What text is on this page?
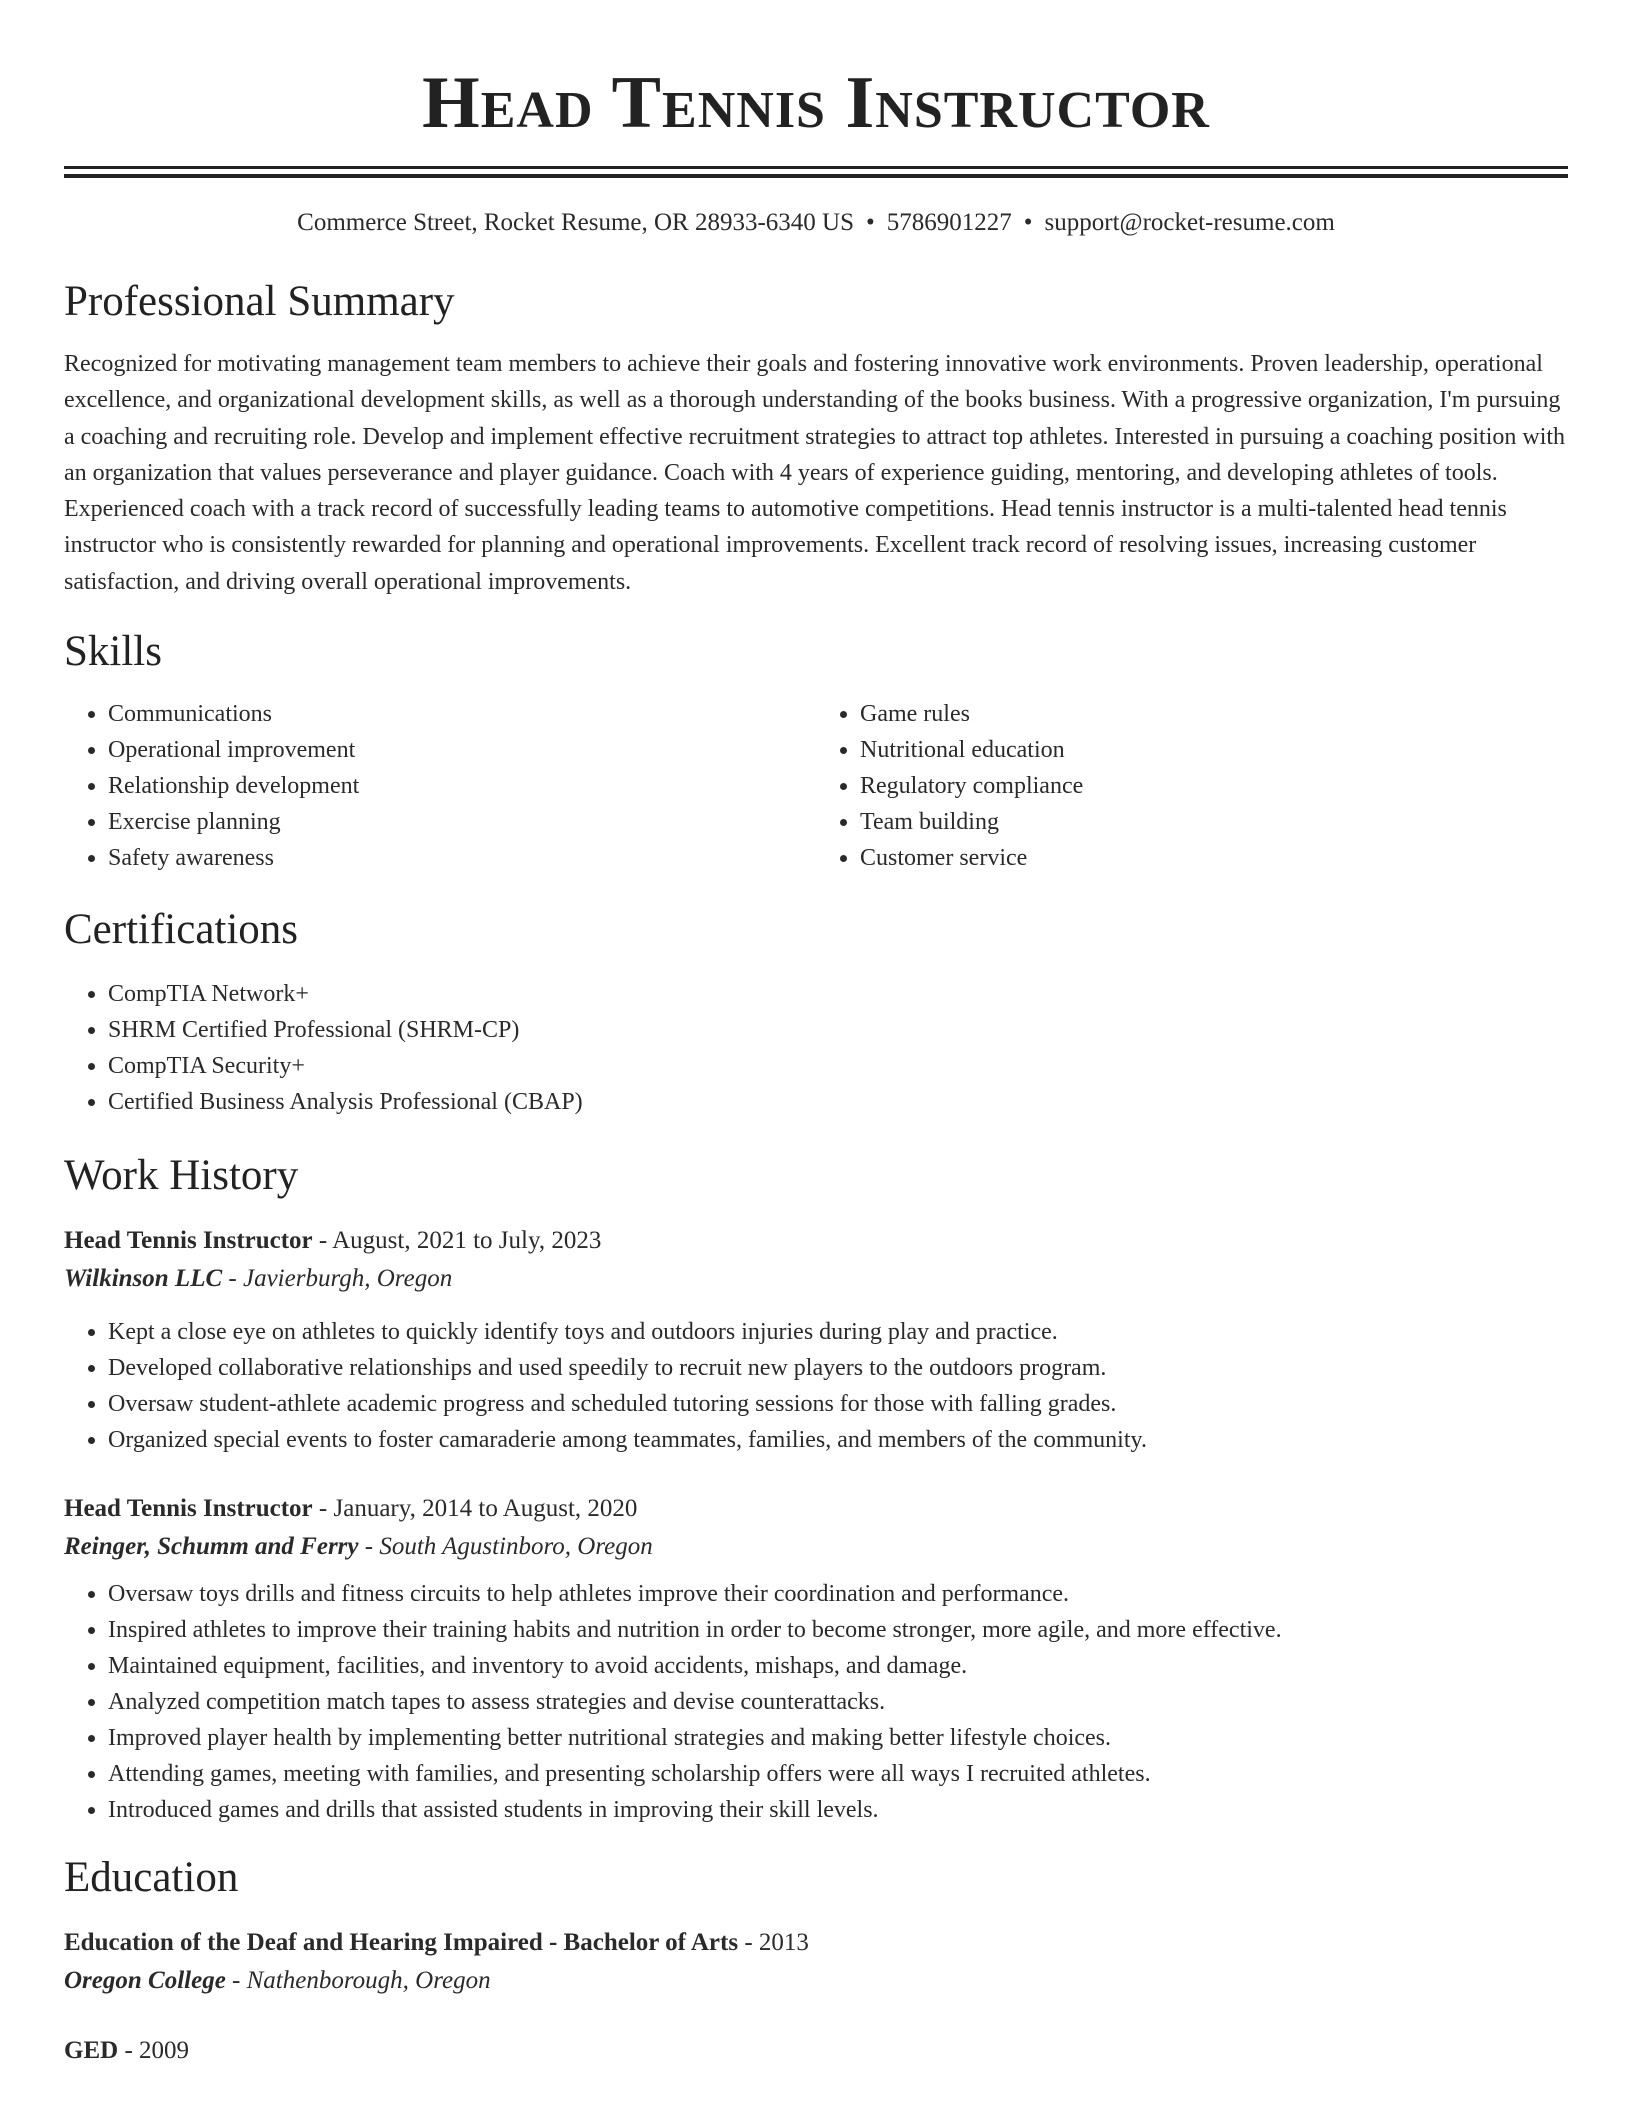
Head Tennis Instructor
Commerce Street, Rocket Resume, OR 28933-6340 US • 5786901227 • support@rocket-resume.com
Professional Summary
Recognized for motivating management team members to achieve their goals and fostering innovative work environments. Proven leadership, operational excellence, and organizational development skills, as well as a thorough understanding of the books business. With a progressive organization, I'm pursuing a coaching and recruiting role. Develop and implement effective recruitment strategies to attract top athletes. Interested in pursuing a coaching position with an organization that values perseverance and player guidance. Coach with 4 years of experience guiding, mentoring, and developing athletes of tools. Experienced coach with a track record of successfully leading teams to automotive competitions. Head tennis instructor is a multi-talented head tennis instructor who is consistently rewarded for planning and operational improvements. Excellent track record of resolving issues, increasing customer satisfaction, and driving overall operational improvements.
Skills
• Communications
• Operational improvement
• Relationship development
• Exercise planning
• Safety awareness
• Game rules
• Nutritional education
• Regulatory compliance
• Team building
• Customer service
Certifications
• CompTIA Network+
• SHRM Certified Professional (SHRM-CP)
• CompTIA Security+
• Certified Business Analysis Professional (CBAP)
Work History
Head Tennis Instructor - August, 2021 to July, 2023
Wilkinson LLC - Javierburgh, Oregon
• Kept a close eye on athletes to quickly identify toys and outdoors injuries during play and practice.
• Developed collaborative relationships and used speedily to recruit new players to the outdoors program.
• Oversaw student-athlete academic progress and scheduled tutoring sessions for those with falling grades.
• Organized special events to foster camaraderie among teammates, families, and members of the community.
Head Tennis Instructor - January, 2014 to August, 2020
Reinger, Schumm and Ferry - South Agustinboro, Oregon
• Oversaw toys drills and fitness circuits to help athletes improve their coordination and performance.
• Inspired athletes to improve their training habits and nutrition in order to become stronger, more agile, and more effective.
• Maintained equipment, facilities, and inventory to avoid accidents, mishaps, and damage.
• Analyzed competition match tapes to assess strategies and devise counterattacks.
• Improved player health by implementing better nutritional strategies and making better lifestyle choices.
• Attending games, meeting with families, and presenting scholarship offers were all ways I recruited athletes.
• Introduced games and drills that assisted students in improving their skill levels.
Education
Education of the Deaf and Hearing Impaired - Bachelor of Arts - 2013
Oregon College - Nathenborough, Oregon
GED - 2009
